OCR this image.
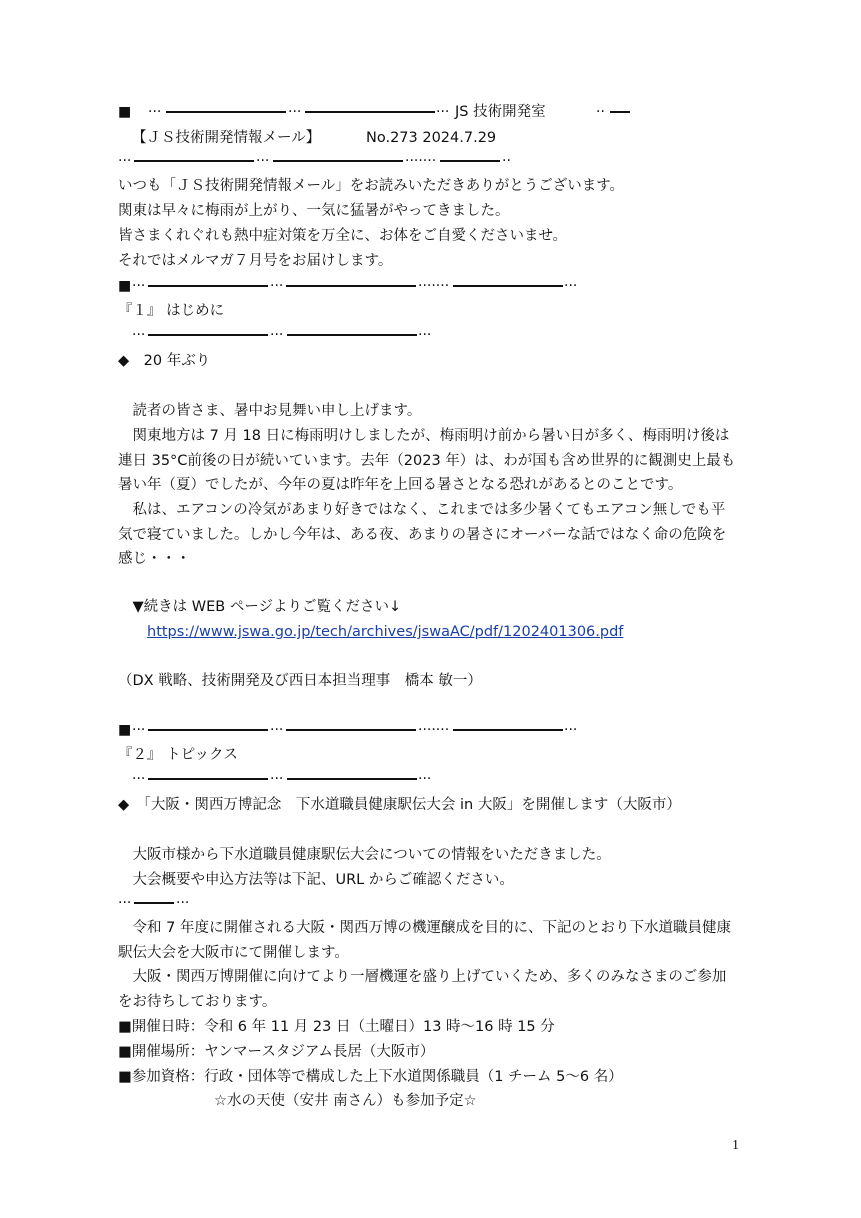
■ ···	···	···	··
JS 技術開発室
【ＪＳ技術開発情報メール】	No.273 2024.7.29
···	···	·······	··
いつも「ＪＳ技術開発情報メール」をお読みいただきありがとうございます。
関東は早々に梅雨が上がり、一気に猛暑がやってきました。
皆さまくれぐれも熱中症対策を万全に、お体をご自愛くださいませ。
それではメルマガ７月号をお届けします。
■ ···	···	·······	···
『１』 はじめに
···	···	···
◆　20 年ぶり
　読者の皆さま、暑中お見舞い申し上げます。
　関東地方は 7 月 18 日に梅雨明けしましたが、梅雨明け前から暑い日が多く、梅雨明け後は
連日 35°C前後の日が続いています。去年（2023 年）は、わが国も含め世界的に観測史上最も
暑い年（夏）でしたが、今年の夏は昨年を上回る暑さとなる恐れがあるとのことです。
　私は、エアコンの冷気があまり好きではなく、これまでは多少暑くてもエアコン無しでも平
気で寝ていました。しかし今年は、ある夜、あまりの暑さにオーバーな話ではなく命の危険を
感じ・・・
　▼続きは WEB ページよりご覧ください↓
https://www.jswa.go.jp/tech/archives/jswaAC/pdf/1202401306.pdf
（DX 戦略、技術開発及び西日本担当理事　橋本 敏一）
■ ···	···	·······	···
『２』 トピックス
···	···	···
◆　「大阪・関西万博記念　下水道職員健康駅伝大会 in 大阪」を開催します（大阪市）
　大阪市様から下水道職員健康駅伝大会についての情報をいただきました。
　大会概要や申込方法等は下記、URL からご確認ください。
···	···
　令和 7 年度に開催される大阪・関西万博の機運醸成を目的に、下記のとおり下水道職員健康
駅伝大会を大阪市にて開催します。
　大阪・関西万博開催に向けてより一層機運を盛り上げていくため、多くのみなさまのご参加
をお待ちしております。
■開催日時：令和 6 年 11 月 23 日（土曜日）13 時～16 時 15 分
■開催場所：ヤンマースタジアム長居（大阪市）
■参加資格：行政・団体等で構成した上下水道関係職員（1 チーム 5～6 名）
☆水の天使（安井 南さん）も参加予定☆
1
